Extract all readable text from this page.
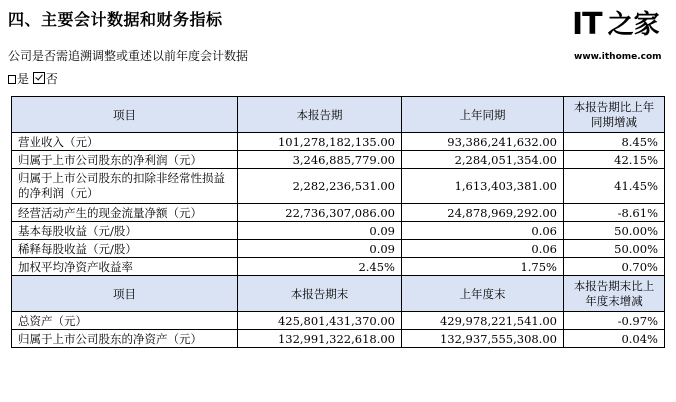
四、主要会计数据和财务指标	IT 之家
www.ithome.com
公司是否需追溯调整或重述以前年度会计数据
是 否
项目	本报告期	上年同期	本报告期比上年同期增减
营业收入（元）	101,278,182,135.00	93,386,241,632.00	8.45%
归属于上市公司股东的净利润（元）	3,246,885,779.00	2,284,051,354.00	42.15%
归属于上市公司股东的扣除非经常性损益的净利润（元）	2,282,236,531.00	1,613,403,381.00	41.45%
经营活动产生的现金流量净额（元）	22,736,307,086.00	24,878,969,292.00	-8.61%
基本每股收益（元/股）	0.09	0.06	50.00%
稀释每股收益（元/股）	0.09	0.06	50.00%
加权平均净资产收益率	2.45%	1.75%	0.70%
项目	本报告期末	上年度末	本报告期末比上年度末增减
总资产（元）	425,801,431,370.00	429,978,221,541.00	-0.97%
归属于上市公司股东的净资产（元）	132,991,322,618.00	132,937,555,308.00	0.04%
